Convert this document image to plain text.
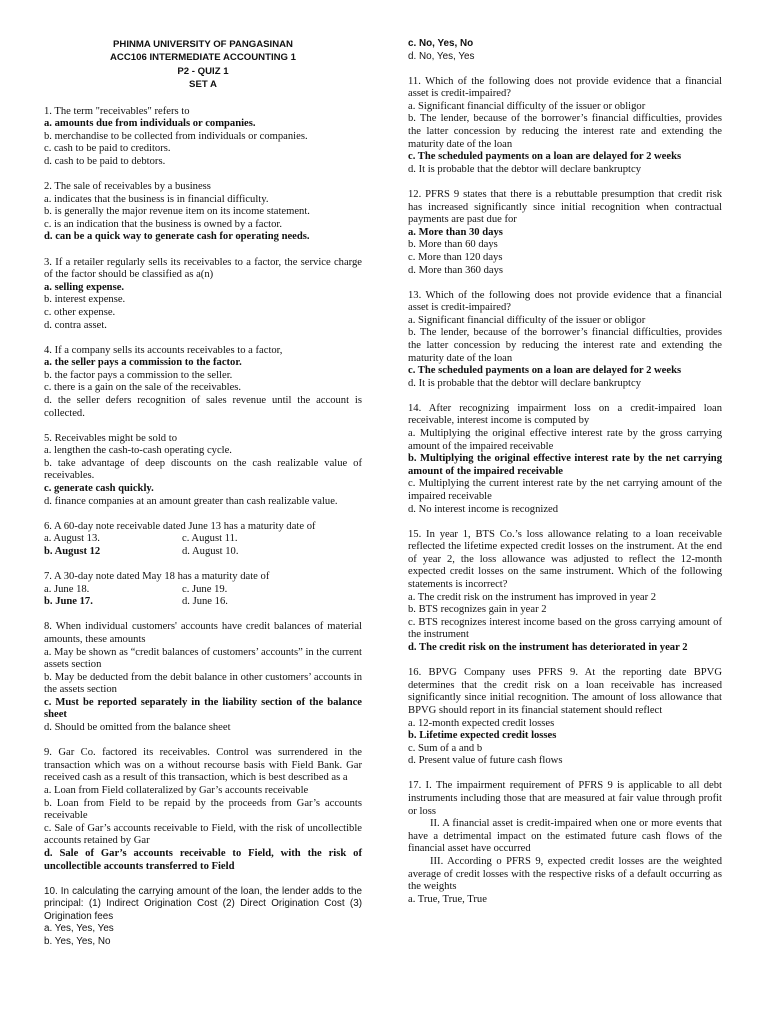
PHINMA UNIVERSITY OF PANGASINAN
ACC106 INTERMEDIATE ACCOUNTING 1
P2 - QUIZ 1
SET A
1. The term "receivables" refers to
a. amounts due from individuals or companies.
b. merchandise to be collected from individuals or companies.
c. cash to be paid to creditors.
d. cash to be paid to debtors.
2. The sale of receivables by a business
a. indicates that the business is in financial difficulty.
b. is generally the major revenue item on its income statement.
c. is an indication that the business is owned by a factor.
d. can be a quick way to generate cash for operating needs.
3. If a retailer regularly sells its receivables to a factor, the service charge of the factor should be classified as a(n)
a. selling expense.
b. interest expense.
c. other expense.
d. contra asset.
4. If a company sells its accounts receivables to a factor,
a. the seller pays a commission to the factor.
b. the factor pays a commission to the seller.
c. there is a gain on the sale of the receivables.
d. the seller defers recognition of sales revenue until the account is collected.
5. Receivables might be sold to
a. lengthen the cash-to-cash operating cycle.
b. take advantage of deep discounts on the cash realizable value of receivables.
c. generate cash quickly.
d. finance companies at an amount greater than cash realizable value.
6. A 60-day note receivable dated June 13 has a maturity date of
a. August 13.	c. August 11.
b. August 12	d. August 10.
7. A 30-day note dated May 18 has a maturity date of
a. June 18.	c. June 19.
b. June 17.	d. June 16.
8. When individual customers' accounts have credit balances of material amounts, these amounts
a. May be shown as “credit balances of customers’ accounts” in the current assets section
b. May be deducted from the debit balance in other customers’ accounts in the assets section
c. Must be reported separately in the liability section of the balance sheet
d. Should be omitted from the balance sheet
9. Gar Co. factored its receivables. Control was surrendered in the transaction which was on a without recourse basis with Field Bank. Gar received cash as a result of this transaction, which is best described as a
a. Loan from Field collateralized by Gar’s accounts receivable
b. Loan from Field to be repaid by the proceeds from Gar’s accounts receivable
c. Sale of Gar’s accounts receivable to Field, with the risk of uncollectible accounts retained by Gar
d. Sale of Gar’s accounts receivable to Field, with the risk of uncollectible accounts transferred to Field
10. In calculating the carrying amount of the loan, the lender adds to the principal: (1) Indirect Origination Cost (2) Direct Origination Cost (3) Origination fees
a. Yes, Yes, Yes
b. Yes, Yes, No
c. No, Yes, No
d. No, Yes, Yes
11. Which of the following does not provide evidence that a financial asset is credit-impaired?
a. Significant financial difficulty of the issuer or obligor
b. The lender, because of the borrower’s financial difficulties, provides the latter concession by reducing the interest rate and extending the maturity date of the loan
c. The scheduled payments on a loan are delayed for 2 weeks
d. It is probable that the debtor will declare bankruptcy
12. PFRS 9 states that there is a rebuttable presumption that credit risk has increased significantly since initial recognition when contractual payments are past due for
a. More than 30 days
b. More than 60 days
c. More than 120 days
d. More than 360 days
13. Which of the following does not provide evidence that a financial asset is credit-impaired?
a. Significant financial difficulty of the issuer or obligor
b. The lender, because of the borrower’s financial difficulties, provides the latter concession by reducing the interest rate and extending the maturity date of the loan
c. The scheduled payments on a loan are delayed for 2 weeks
d. It is probable that the debtor will declare bankruptcy
14. After recognizing impairment loss on a credit-impaired loan receivable, interest income is computed by
a. Multiplying the original effective interest rate by the gross carrying amount of the impaired receivable
b. Multiplying the original effective interest rate by the net carrying amount of the impaired receivable
c. Multiplying the current interest rate by the net carrying amount of the impaired receivable
d. No interest income is recognized
15. In year 1, BTS Co.’s loss allowance relating to a loan receivable reflected the lifetime expected credit losses on the instrument. At the end of year 2, the loss allowance was adjusted to reflect the 12-month expected credit losses on the same instrument. Which of the following statements is incorrect?
a. The credit risk on the instrument has improved in year 2
b. BTS recognizes gain in year 2
c. BTS recognizes interest income based on the gross carrying amount of the instrument
d. The credit risk on the instrument has deteriorated in year 2
16. BPVG Company uses PFRS 9. At the reporting date BPVG determines that the credit risk on a loan receivable has increased significantly since initial recognition. The amount of loss allowance that BPVG should report in its financial statement should reflect
a. 12-month expected credit losses
b. Lifetime expected credit losses
c. Sum of a and b
d. Present value of future cash flows
17. I. The impairment requirement of PFRS 9 is applicable to all debt instruments including those that are measured at fair value through profit or loss
II. A financial asset is credit-impaired when one or more events that have a detrimental impact on the estimated future cash flows of the financial asset have occurred
III. According o PFRS 9, expected credit losses are the weighted average of credit losses with the respective risks of a default occurring as the weights
a. True, True, True
